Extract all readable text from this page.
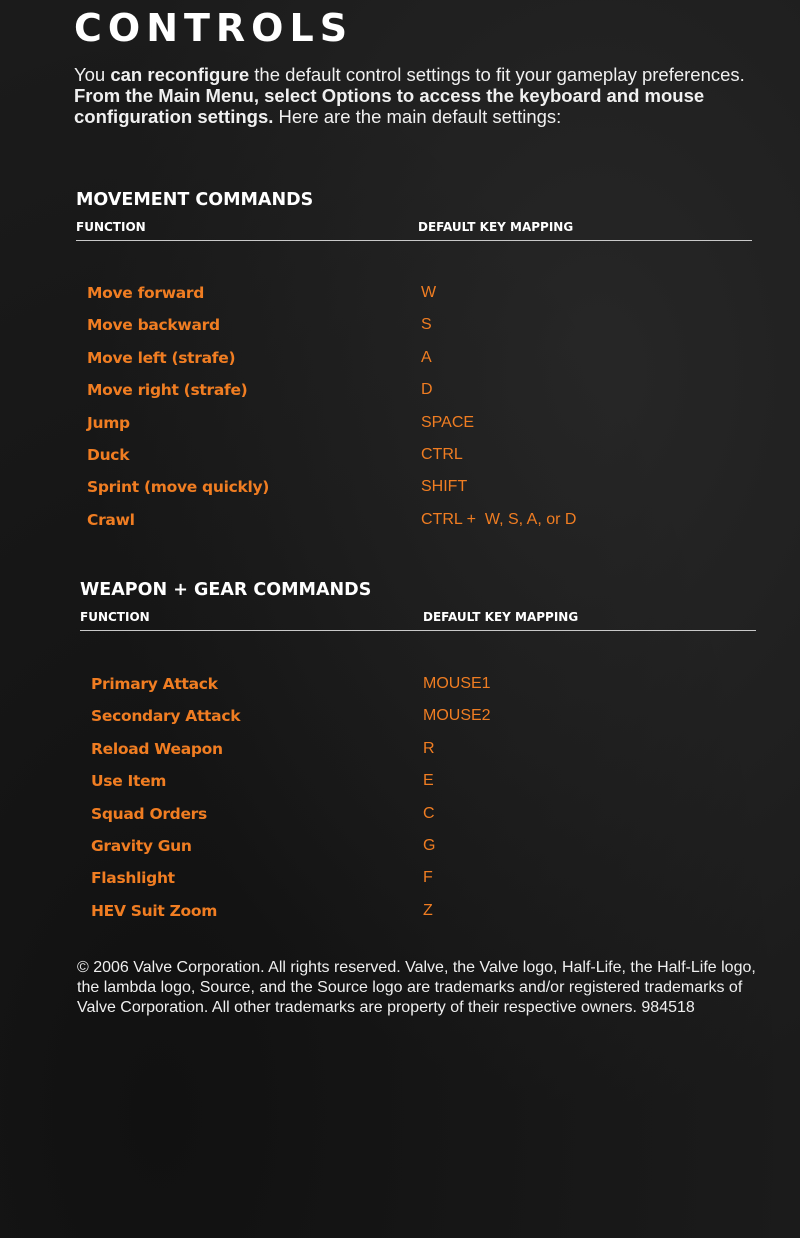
CONTROLS

You can reconfigure the default control settings to fit your gameplay preferences. From the Main Menu, select Options to access the keyboard and mouse configuration settings. Here are the main default settings:

MOVEMENT COMMANDS
FUNCTION	DEFAULT KEY MAPPING
Move forward	W
Move backward	S
Move left (strafe)	A
Move right (strafe)	D
Jump	SPACE
Duck	CTRL
Sprint (move quickly)	SHIFT
Crawl	CTRL +  W, S, A, or D
WEAPON + GEAR COMMANDS
FUNCTION	DEFAULT KEY MAPPING
Primary Attack	MOUSE1
Secondary Attack	MOUSE2
Reload Weapon	R
Use Item	E
Squad Orders	C
Gravity Gun	G
Flashlight	F
HEV Suit Zoom	Z

© 2006 Valve Corporation. All rights reserved. Valve, the Valve logo, Half-Life, the Half-Life logo, the lambda logo, Source, and the Source logo are trademarks and/or registered trademarks of Valve Corporation. All other trademarks are property of their respective owners. 984518
